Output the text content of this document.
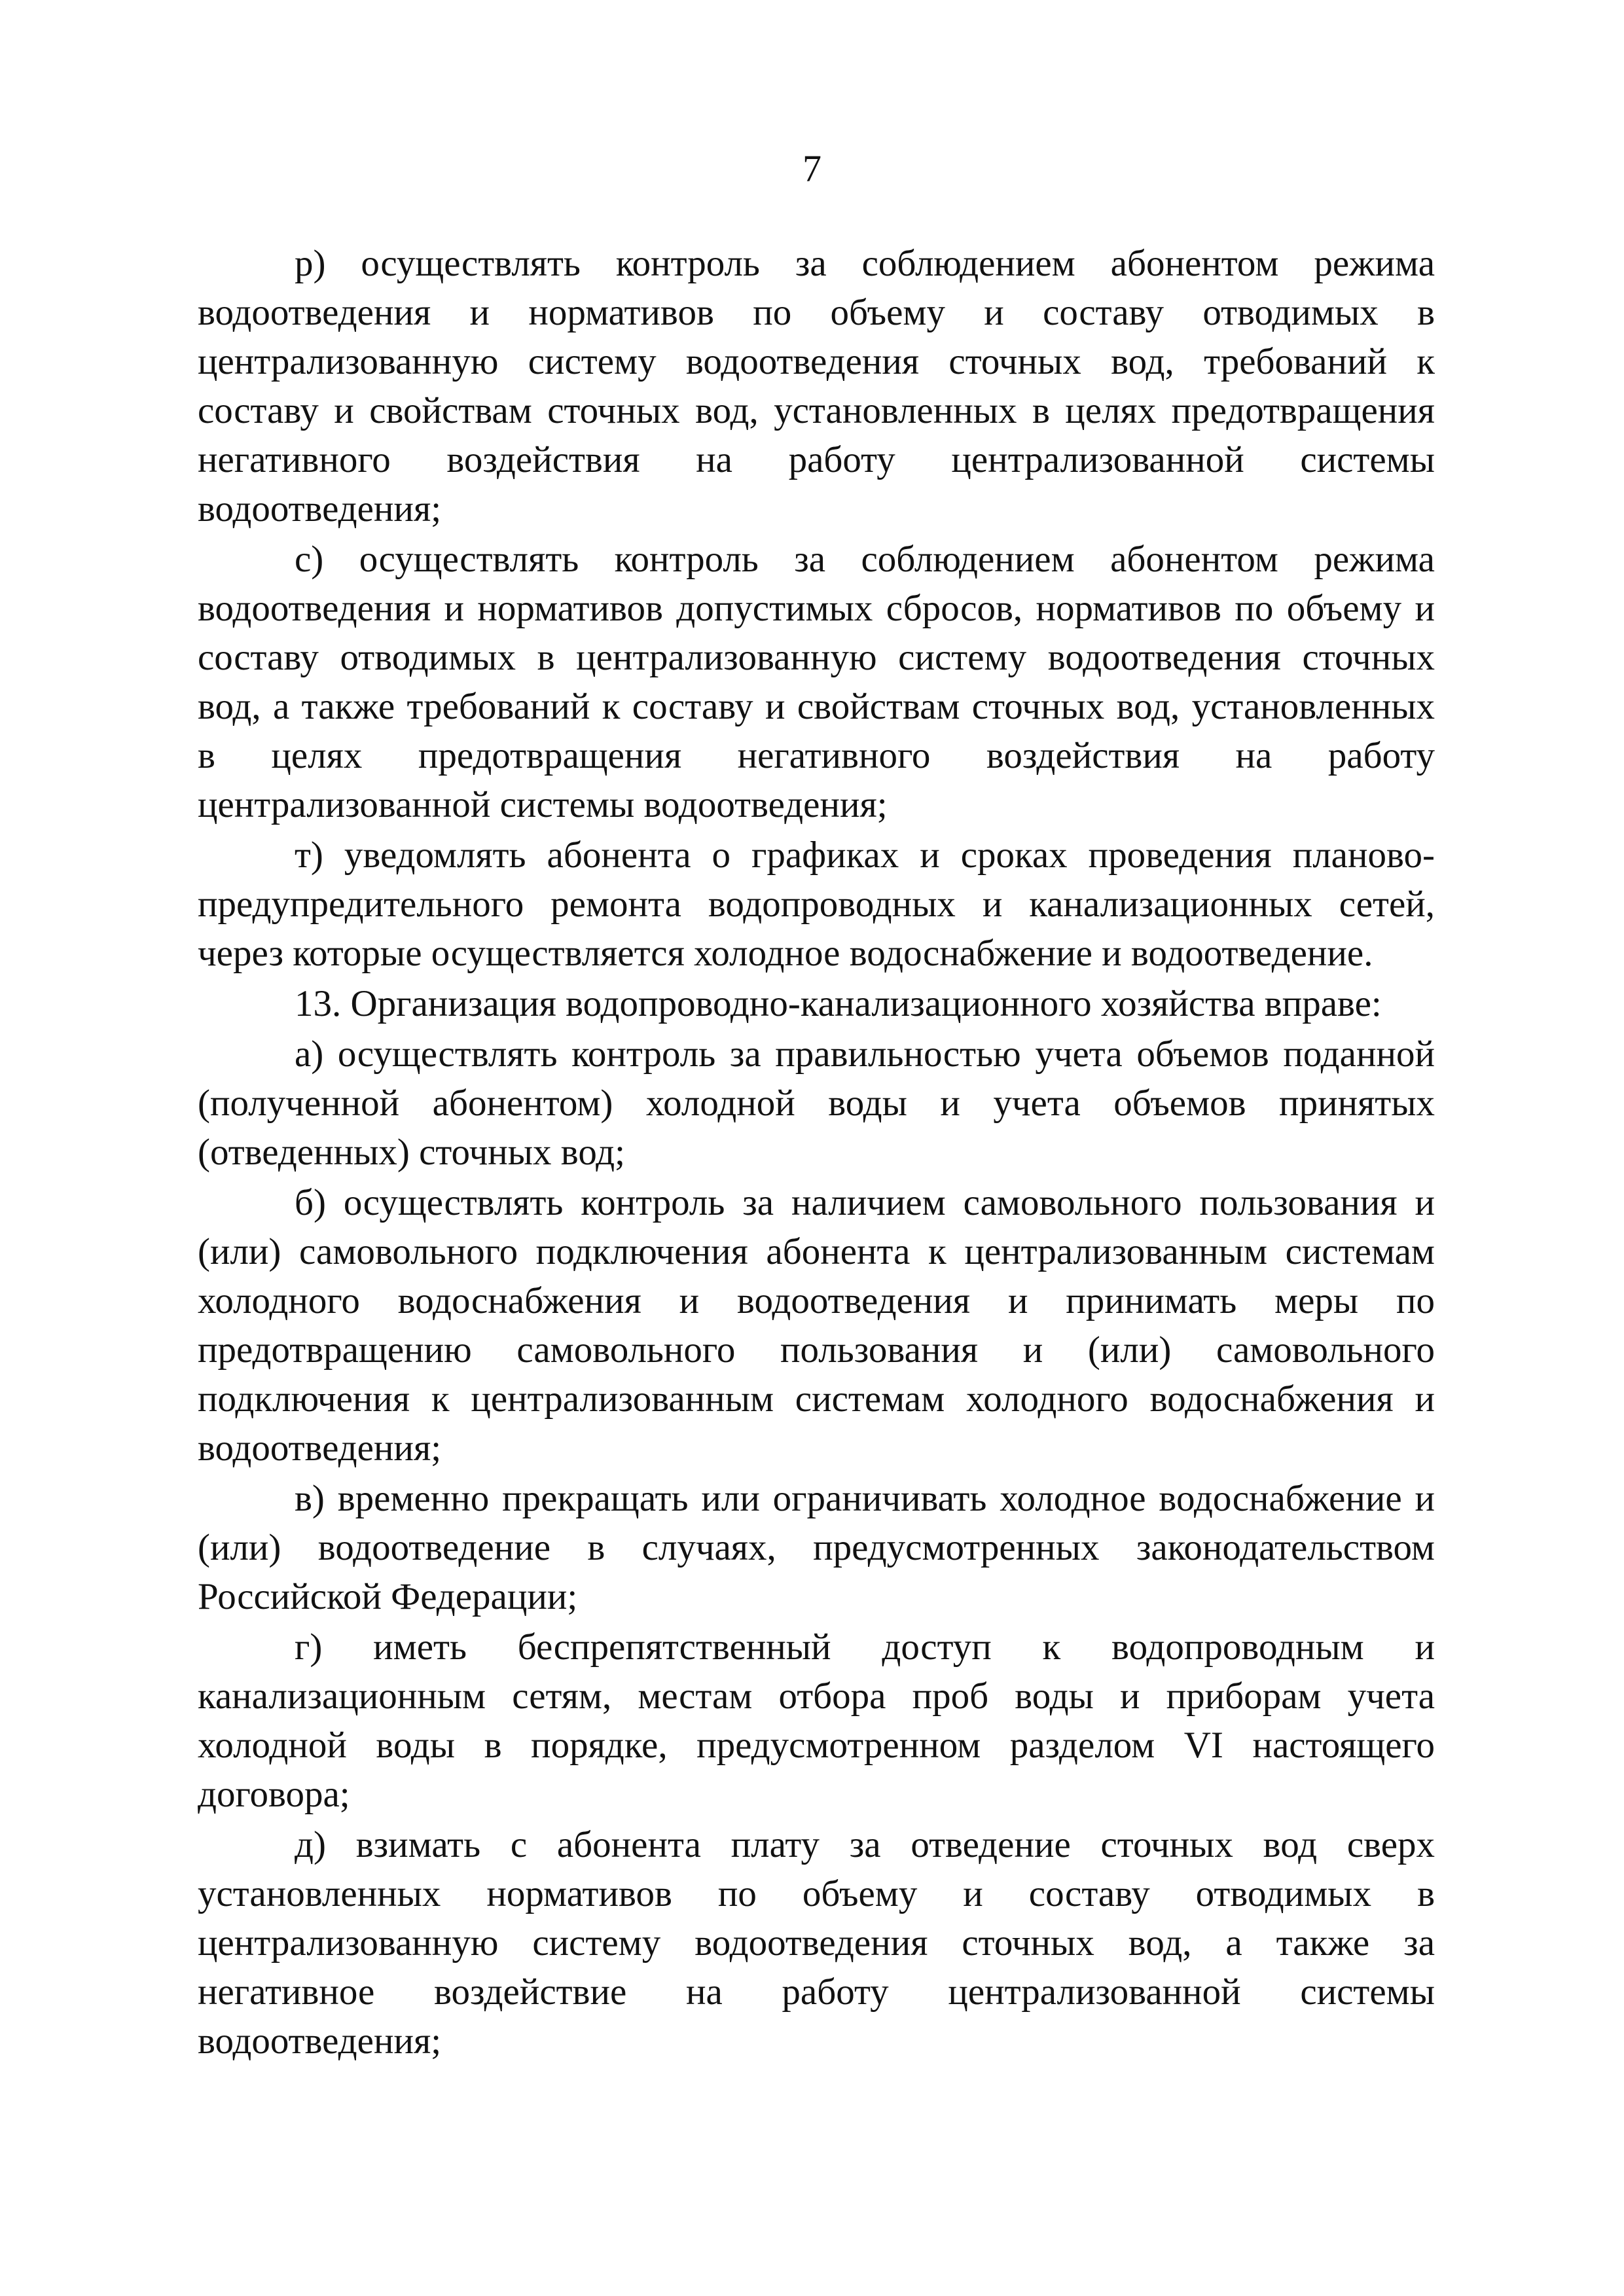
7

р) осуществлять контроль за соблюдением абонентом режима водоотведения и нормативов по объему и составу отводимых в централизованную систему водоотведения сточных вод, требований к составу и свойствам сточных вод, установленных в целях предотвращения негативного воздействия на работу централизованной системы водоотведения;

с) осуществлять контроль за соблюдением абонентом режима водоотведения и нормативов допустимых сбросов, нормативов по объему и составу отводимых в централизованную систему водоотведения сточных вод, а также требований к составу и свойствам сточных вод, установленных в целях предотвращения негативного воздействия на работу централизованной системы водоотведения;

т) уведомлять абонента о графиках и сроках проведения планово-предупредительного ремонта водопроводных и канализационных сетей, через которые осуществляется холодное водоснабжение и водоотведение.

13. Организация водопроводно-канализационного хозяйства вправе:

а) осуществлять контроль за правильностью учета объемов поданной (полученной абонентом) холодной воды и учета объемов принятых (отведенных) сточных вод;

б) осуществлять контроль за наличием самовольного пользования и (или) самовольного подключения абонента к централизованным системам холодного водоснабжения и водоотведения и принимать меры по предотвращению самовольного пользования и (или) самовольного подключения к централизованным системам холодного водоснабжения и водоотведения;

в) временно прекращать или ограничивать холодное водоснабжение и (или) водоотведение в случаях, предусмотренных законодательством Российской Федерации;

г) иметь беспрепятственный доступ к водопроводным и канализационным сетям, местам отбора проб воды и приборам учета холодной воды в порядке, предусмотренном разделом VI настоящего договора;

д) взимать с абонента плату за отведение сточных вод сверх установленных нормативов по объему и составу отводимых в централизованную систему водоотведения сточных вод, а также за негативное воздействие на работу централизованной системы водоотведения;
